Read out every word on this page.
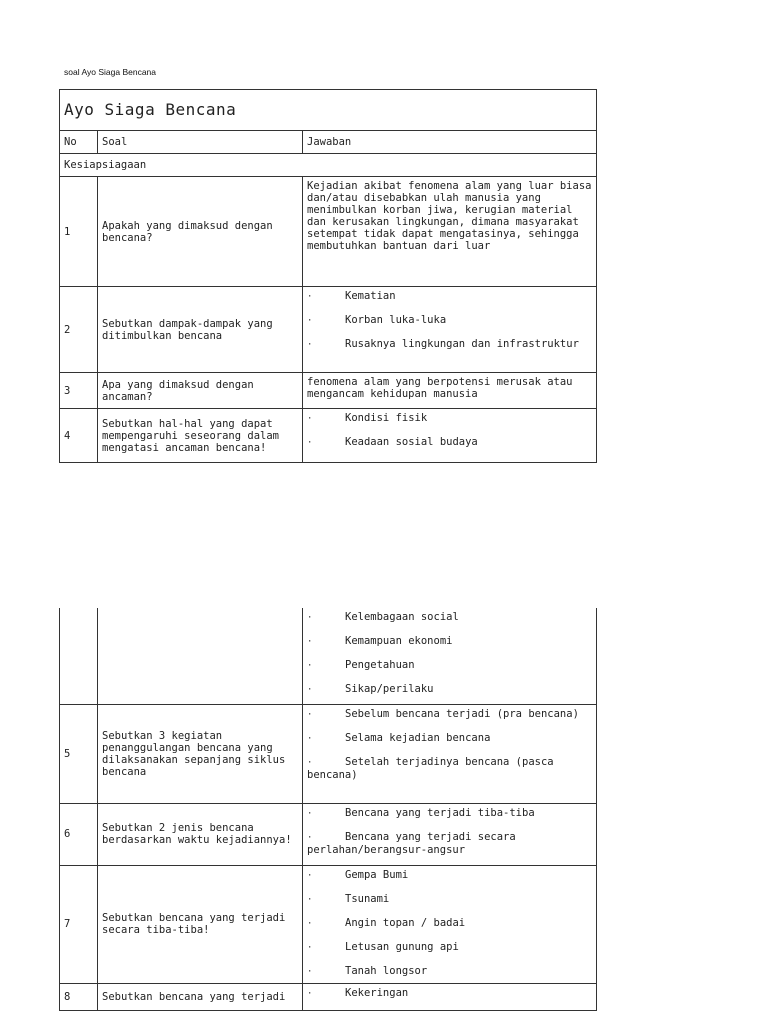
soal Ayo Siaga Bencana
Ayo Siaga Bencana		
No	Soal	Jawaban
Kesiapsiagaan		
1	Apakah yang dimaksud dengan bencana?	Kejadian akibat fenomena alam yang luar biasa dan/atau disebabkan ulah manusia yang menimbulkan korban jiwa, kerugian material dan kerusakan lingkungan, dimana masyarakat setempat tidak dapat mengatasinya, sehingga membutuhkan bantuan dari luar

2	Sebutkan dampak-dampak yang ditimbulkan bencana	· Kematian
· Korban luka-luka
· Rusaknya lingkungan dan infrastruktur

3	Apa yang dimaksud dengan ancaman?	fenomena alam yang berpotensi merusak atau mengancam kehidupan manusia

4	Sebutkan hal-hal yang dapat mempengaruhi seseorang dalam mengatasi ancaman bencana!	· Kondisi fisik
· Keadaan sosial budaya

		· Kelembagaan social
· Kemampuan ekonomi
· Pengetahuan
· Sikap/perilaku

5	Sebutkan 3 kegiatan penanggulangan bencana yang dilaksanakan sepanjang siklus bencana	· Sebelum bencana terjadi (pra bencana)
· Selama kejadian bencana
· Setelah terjadinya bencana (pasca bencana)

6	Sebutkan 2 jenis bencana berdasarkan waktu kejadiannya!	· Bencana yang terjadi tiba-tiba
· Bencana yang terjadi secara perlahan/berangsur-angsur

7	Sebutkan bencana yang terjadi secara tiba-tiba!	· Gempa Bumi
· Tsunami
· Angin topan / badai
· Letusan gunung api
· Tanah longsor

8	Sebutkan bencana yang terjadi	· Kekeringan
